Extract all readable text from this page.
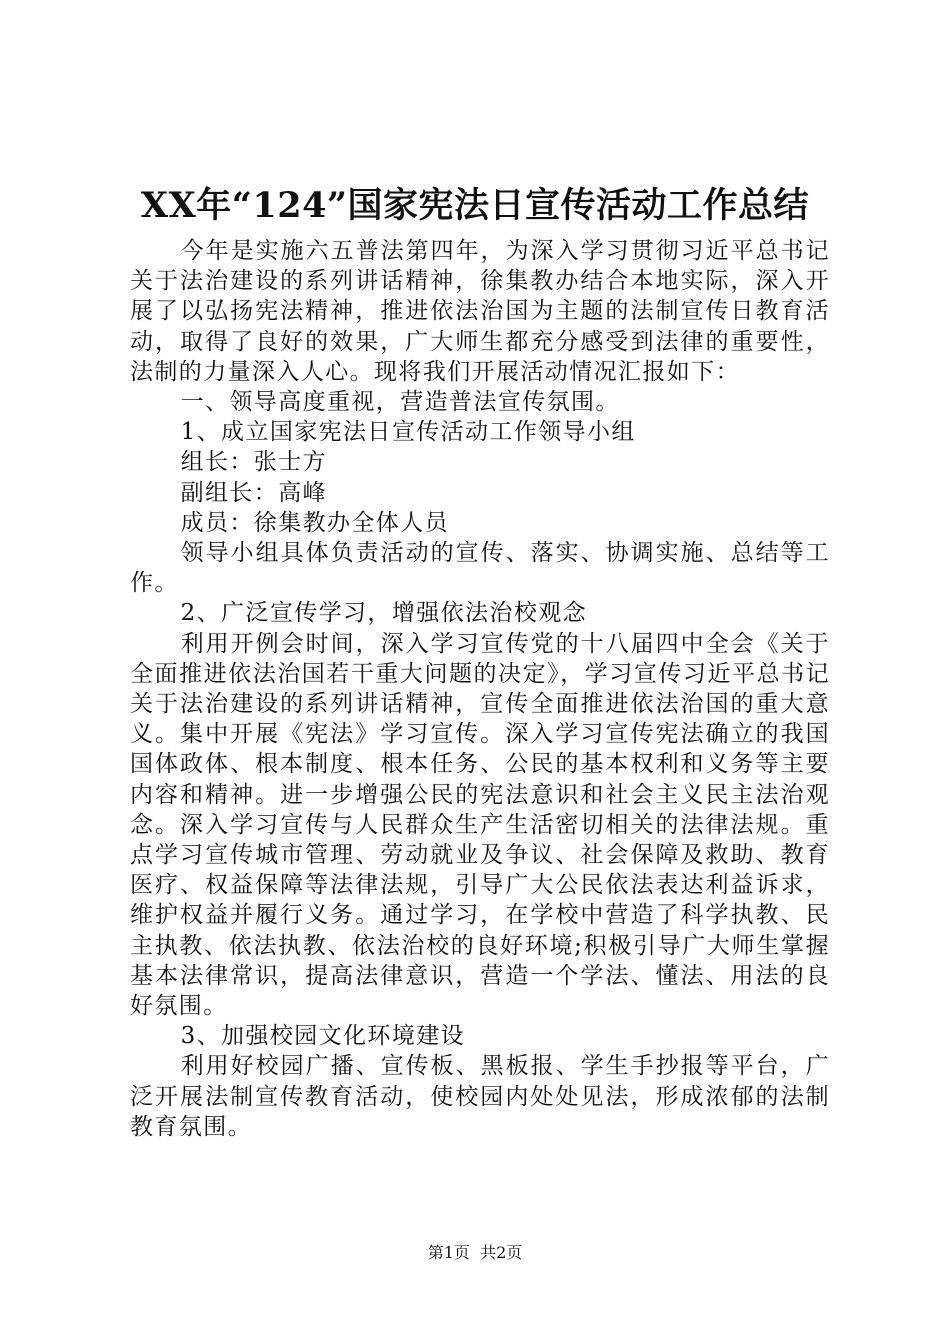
XX年“124”国家宪法日宣传活动工作总结

今年是实施六五普法第四年，为深入学习贯彻习近平总书记关于法治建设的系列讲话精神，徐集教办结合本地实际，深入开展了以弘扬宪法精神，推进依法治国为主题的法制宣传日教育活动，取得了良好的效果，广大师生都充分感受到法律的重要性，法制的力量深入人心。现将我们开展活动情况汇报如下：

一、领导高度重视，营造普法宣传氛围。

1、成立国家宪法日宣传活动工作领导小组

组长：张士方

副组长：高峰

成员：徐集教办全体人员

领导小组具体负责活动的宣传、落实、协调实施、总结等工作。

2、广泛宣传学习，增强依法治校观念

利用开例会时间，深入学习宣传党的十八届四中全会《关于全面推进依法治国若干重大问题的决定》，学习宣传习近平总书记关于法治建设的系列讲话精神，宣传全面推进依法治国的重大意义。集中开展《宪法》学习宣传。深入学习宣传宪法确立的我国国体政体、根本制度、根本任务、公民的基本权利和义务等主要内容和精神。进一步增强公民的宪法意识和社会主义民主法治观念。深入学习宣传与人民群众生产生活密切相关的法律法规。重点学习宣传城市管理、劳动就业及争议、社会保障及救助、教育医疗、权益保障等法律法规，引导广大公民依法表达利益诉求，维护权益并履行义务。通过学习，在学校中营造了科学执教、民主执教、依法执教、依法治校的良好环境;积极引导广大师生掌握基本法律常识，提高法律意识，营造一个学法、懂法、用法的良好氛围。

3、加强校园文化环境建设

利用好校园广播、宣传板、黑板报、学生手抄报等平台，广泛开展法制宣传教育活动，使校园内处处见法，形成浓郁的法制教育氛围。

第1页 共2页
